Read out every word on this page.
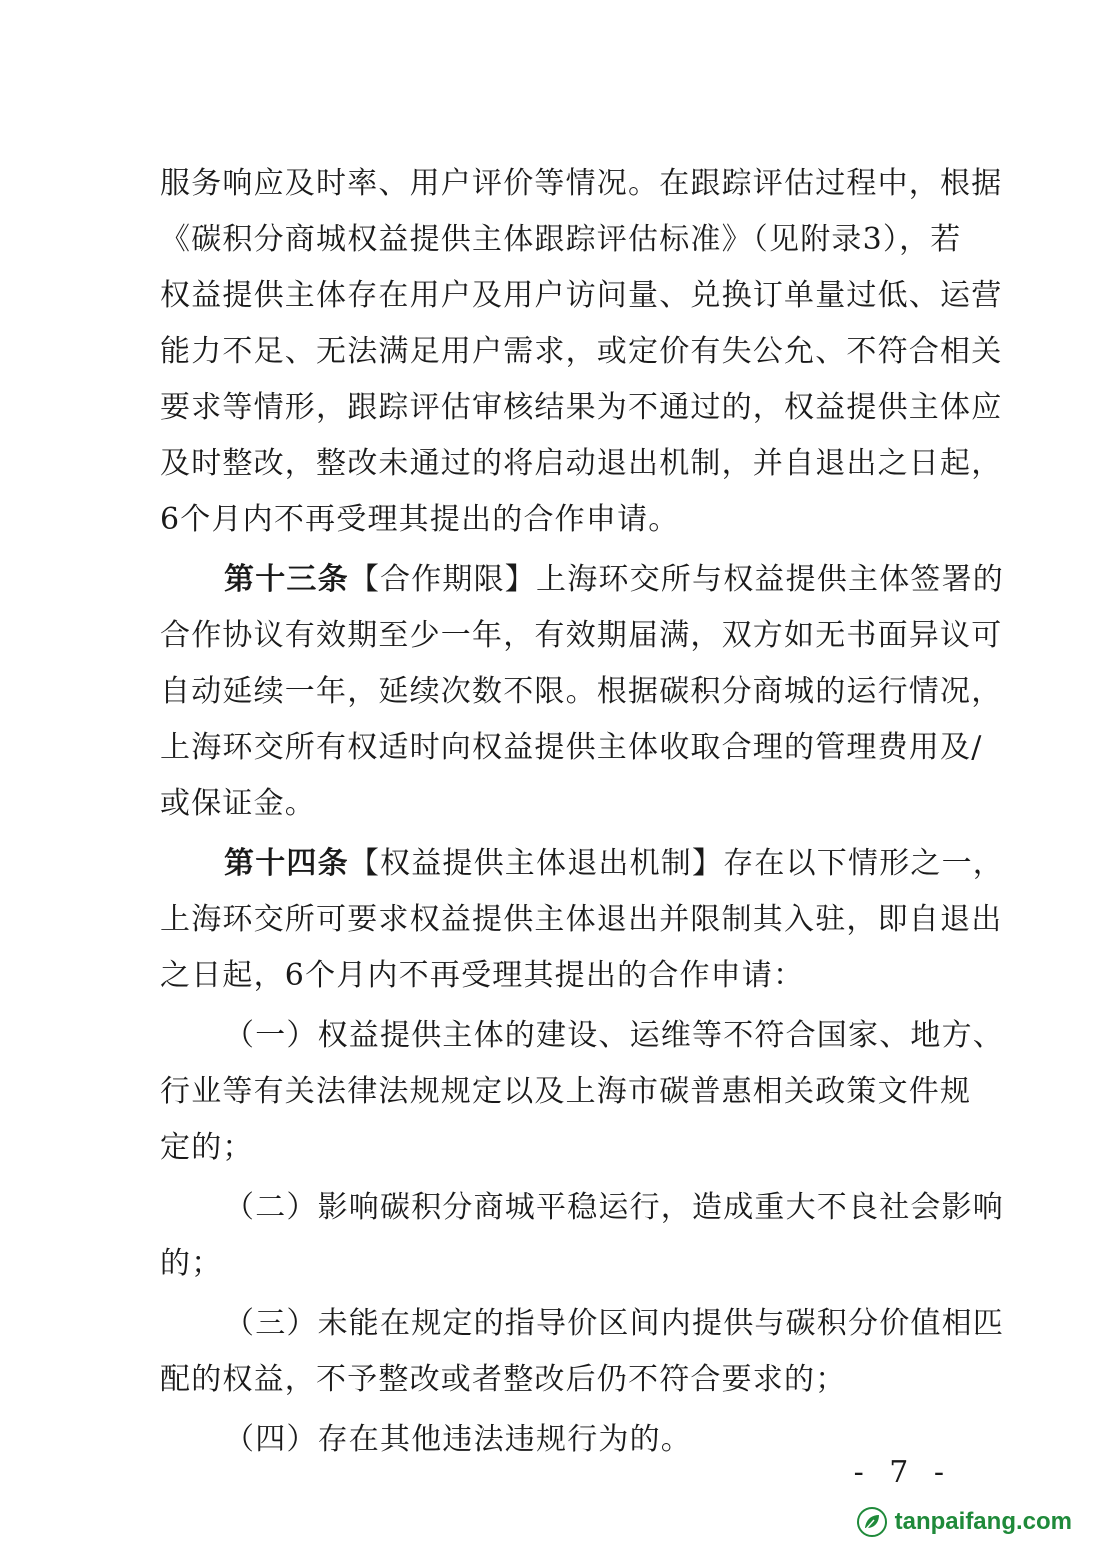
服务响应及时率、用户评价等情况。在跟踪评估过程中，根据
《碳积分商城权益提供主体跟踪评估标准》（见附录3），若
权益提供主体存在用户及用户访问量、兑换订单量过低、运营
能力不足、无法满足用户需求，或定价有失公允、不符合相关
要求等情形，跟踪评估审核结果为不通过的，权益提供主体应
及时整改，整改未通过的将启动退出机制，并自退出之日起，
6个月内不再受理其提出的合作申请。

第十三条【合作期限】上海环交所与权益提供主体签署的
合作协议有效期至少一年，有效期届满，双方如无书面异议可
自动延续一年，延续次数不限。根据碳积分商城的运行情况，
上海环交所有权适时向权益提供主体收取合理的管理费用及/
或保证金。

第十四条【权益提供主体退出机制】存在以下情形之一，
上海环交所可要求权益提供主体退出并限制其入驻，即自退出
之日起，6个月内不再受理其提出的合作申请：

（一）权益提供主体的建设、运维等不符合国家、地方、
行业等有关法律法规规定以及上海市碳普惠相关政策文件规
定的；

（二）影响碳积分商城平稳运行，造成重大不良社会影响
的；

（三）未能在规定的指导价区间内提供与碳积分价值相匹
配的权益，不予整改或者整改后仍不符合要求的；

（四）存在其他违法违规行为的。

- 7 -
tanpaifang.com
